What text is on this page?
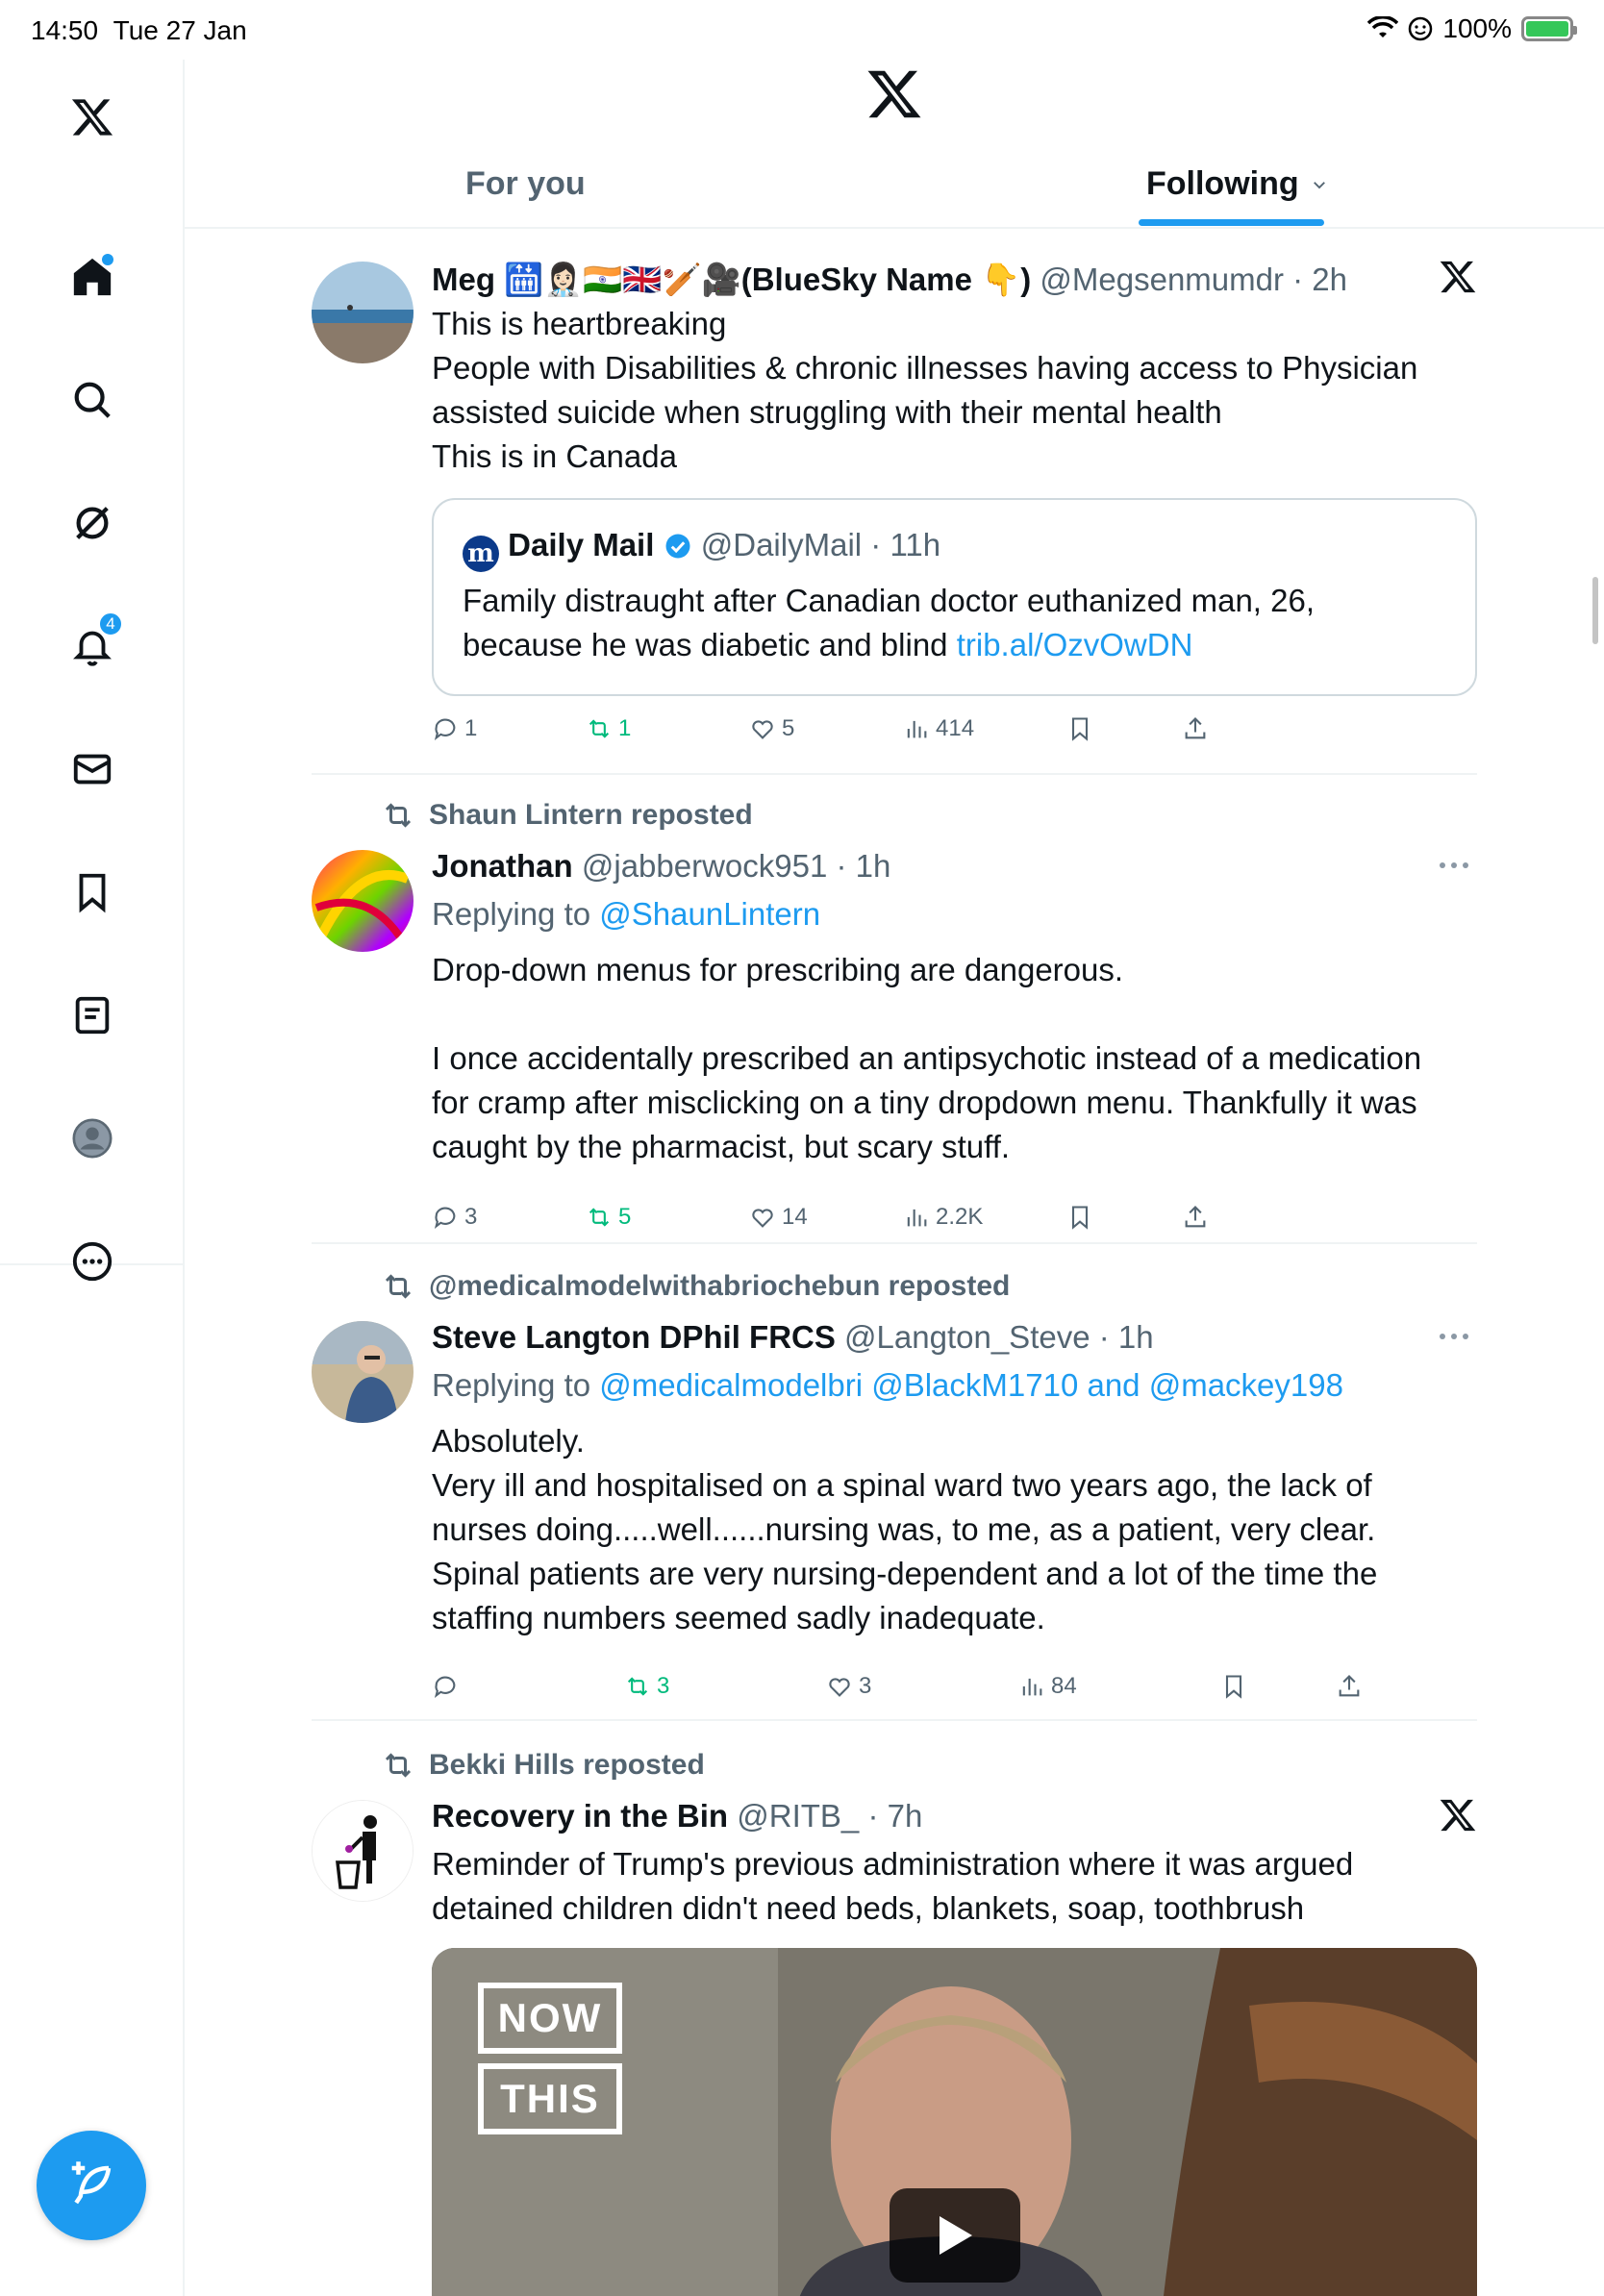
14:50 Tue 27 Jan	100%
4
For you	Following
Meg 🛗👩🏻‍⚕️🇮🇳🇬🇧🏏🎥(BlueSky Name 👇) @Megsenmumdr · 2h
This is heartbreaking
People with Disabilities & chronic illnesses having access to Physician
assisted suicide when struggling with their mental health
This is in Canada
m Daily Mail @DailyMail · 11h
Family distraught after Canadian doctor euthanized man, 26,
because he was diabetic and blind trib.al/OzvOwDN
1	1	5	414
Shaun Lintern reposted
Jonathan @jabberwock951 · 1h
Replying to @ShaunLintern
Drop-down menus for prescribing are dangerous.
I once accidentally prescribed an antipsychotic instead of a medication
for cramp after misclicking on a tiny dropdown menu. Thankfully it was
caught by the pharmacist, but scary stuff.
3	5	14	2.2K
@medicalmodelwithabriochebun reposted
Steve Langton DPhil FRCS @Langton_Steve · 1h
Replying to @medicalmodelbri @BlackM1710 and @mackey198
Absolutely.
Very ill and hospitalised on a spinal ward two years ago, the lack of
nurses doing.....well......nursing was, to me, as a patient, very clear.
Spinal patients are very nursing-dependent and a lot of the time the
staffing numbers seemed sadly inadequate.
3	3	84
Bekki Hills reposted
Recovery in the Bin @RITB_ · 7h
Reminder of Trump's previous administration where it was argued
detained children didn't need beds, blankets, soap, toothbrush
NOW
THIS
